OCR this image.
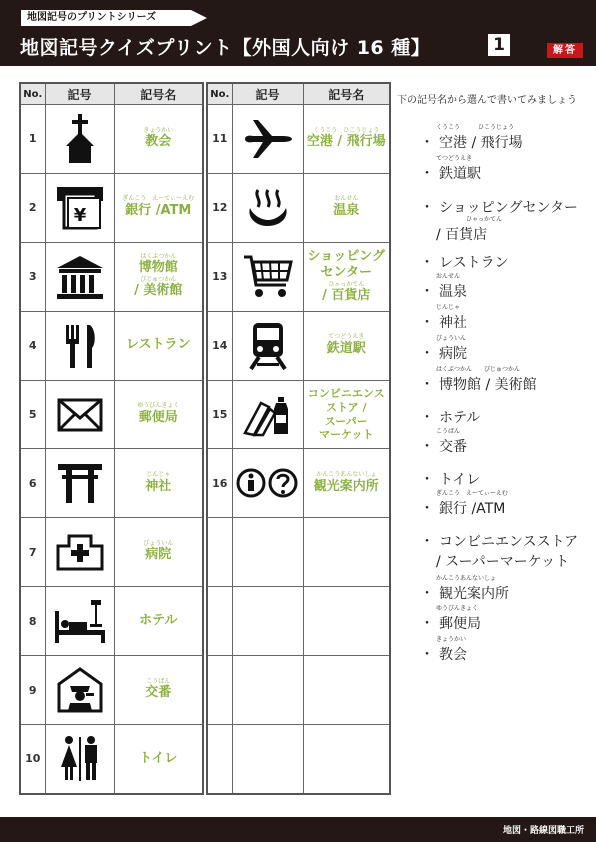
地図記号のプリントシリーズ
地図記号クイズプリント【外国人向け 16 種】	1	解答
No.	記号	記号名
1		きょうかい
教会
2	¥	ぎんこう　えーてぃーえむ
銀行 /ATM
3		はくぶつかん
博物館
びじゅつかん
/ 美術館
4		レストラン
5		ゆうびんきょく
郵便局
6		じんじゃ
神社
7		びょういん
病院
8		ホテル
9		こうばん
交番
10		トイレ
No.	記号	記号名
11		くうこう　ひこうじょう
空港 / 飛行場
12		おんせん
温泉
13		ショッピング
センター
ひゃっかてん
/ 百貨店
14		てつどうえき
鉄道駅
15		コンビニエンス
ストア /
スーパー
マーケット
16		かんこうあんないしょ
観光案内所

下の記号名から選んで書いてみましょう
くうこう　　　ひこうじょう
・ 空港 / 飛行場
てつどうえき
・ 鉄道駅
・ ショッピングセンター
ひゃっかてん
/ 百貨店
・ レストラン
おんせん
・ 温泉
じんじゃ
・ 神社
びょういん
・ 病院
はくぶつかん　　びじゅつかん
・ 博物館 / 美術館
・ ホテル
こうばん
・ 交番
・ トイレ
ぎんこう　えーてぃーえむ
・ 銀行 /ATM
・ コンビニエンスストア
/ スーパーマーケット
かんこうあんないしょ
・ 観光案内所
ゆうびんきょく
・ 郵便局
きょうかい
・ 教会
地図・路線図職工所
